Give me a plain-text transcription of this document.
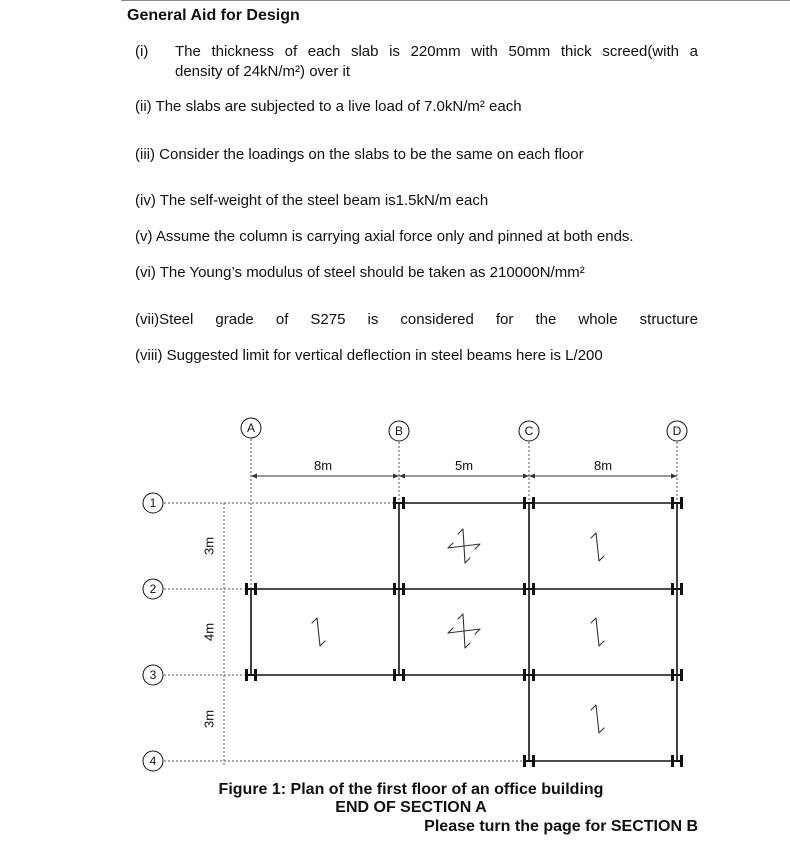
8m	5m	8m
3m
4m
3m
A	B	C	D
1
2
3
4
General Aid for Design
(i) The thickness of each slab is 220mm with 50mm thick screed(with a
density of 24kN/m²) over it
(ii) The slabs are subjected to a live load of 7.0kN/m² each
(iii) Consider the loadings on the slabs to be the same on each floor
(iv) The self-weight of the steel beam is1.5kN/m each
(v) Assume the column is carrying axial force only and pinned at both ends.
(vi) The Young’s modulus of steel should be taken as 210000N/mm²
(vii)Steel grade of S275 is considered for the whole structure
(viii) Suggested limit for vertical deflection in steel beams here is L/200
Figure 1: Plan of the first floor of an office building
END OF SECTION A
Please turn the page for SECTION B
